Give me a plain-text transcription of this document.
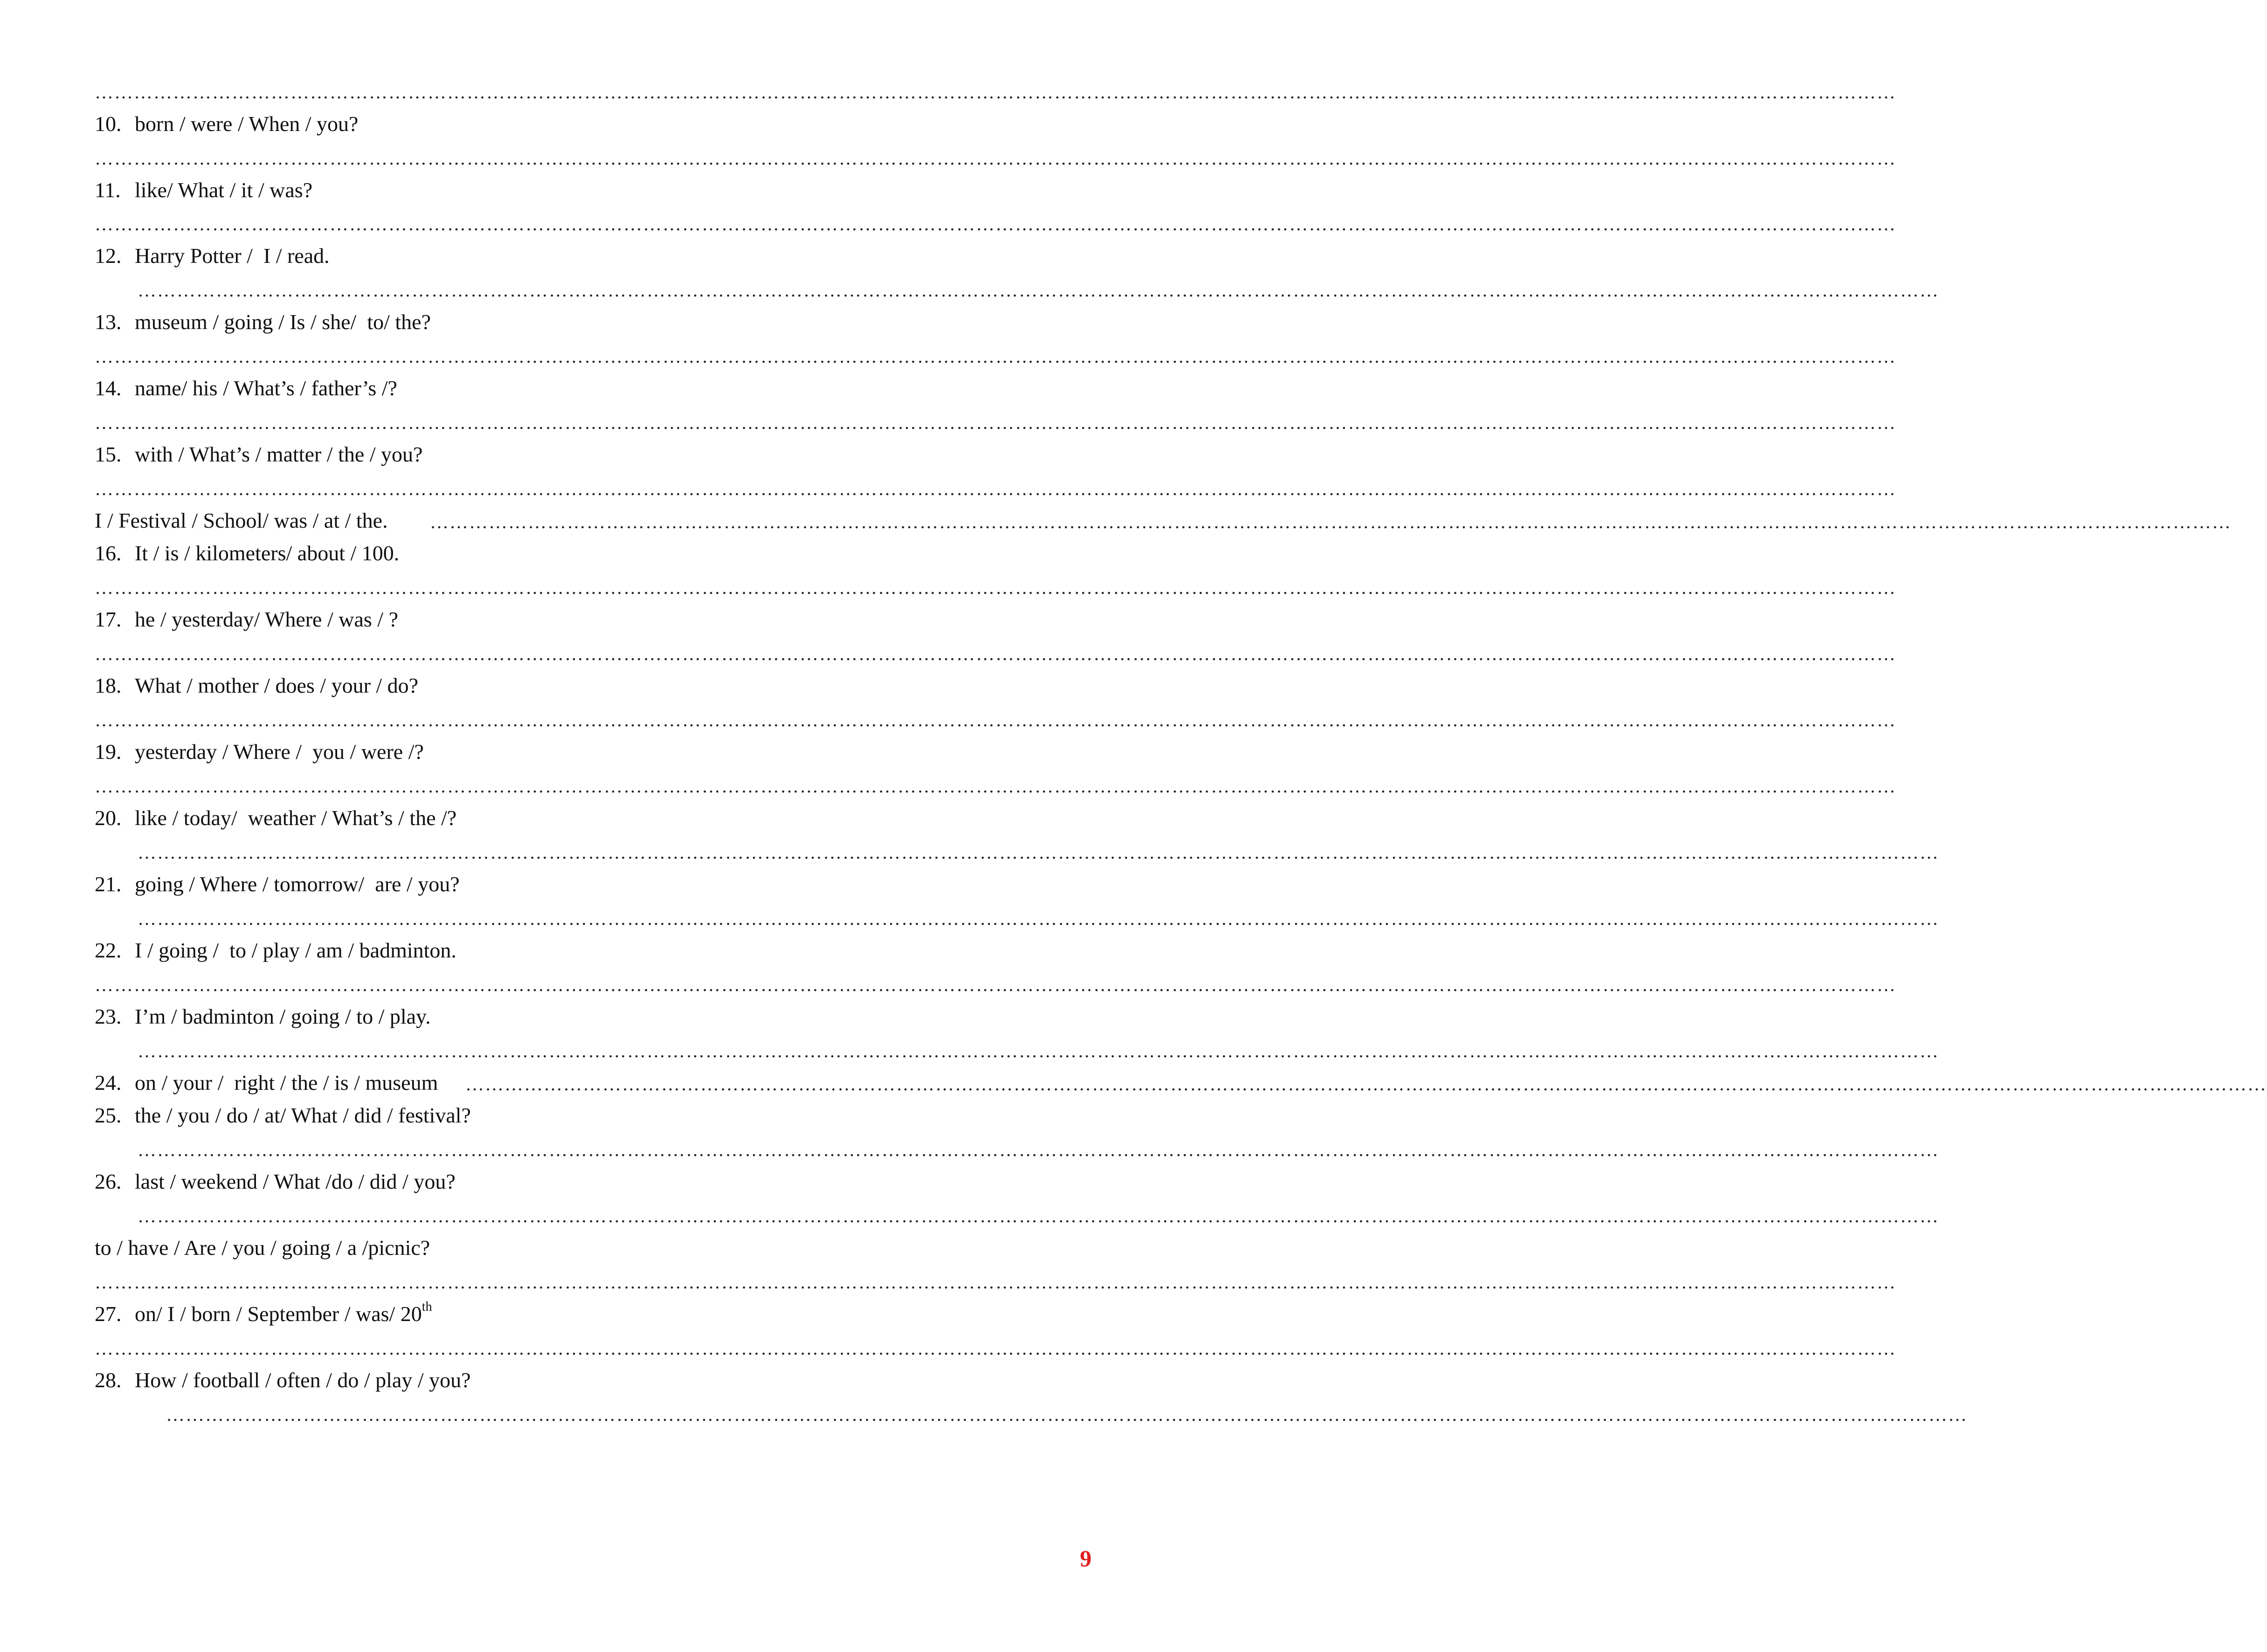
……………………………………………………………………………………………………………………………………………………………………………………………………………………………………………………
10. born / were / When / you?
……………………………………………………………………………………………………………………………………………………………………………………………………………………………………………………
11. like/ What / it / was?
……………………………………………………………………………………………………………………………………………………………………………………………………………………………………………………
12. Harry Potter /  I / read.
……………………………………………………………………………………………………………………………………………………………………………………………………………………………………………………
13. museum / going / Is / she/  to/ the?
……………………………………………………………………………………………………………………………………………………………………………………………………………………………………………………
14. name/ his / What’s / father’s /?
……………………………………………………………………………………………………………………………………………………………………………………………………………………………………………………
15. with / What’s / matter / the / you?
……………………………………………………………………………………………………………………………………………………………………………………………………………………………………………………
I / Festival / School/ was / at / the. ……………………………………………………………………………………………………………………………………………………………………………………………………………………………………………………
16. It / is / kilometers/ about / 100.
……………………………………………………………………………………………………………………………………………………………………………………………………………………………………………………
17. he / yesterday/ Where / was / ?
……………………………………………………………………………………………………………………………………………………………………………………………………………………………………………………
18. What / mother / does / your / do?
……………………………………………………………………………………………………………………………………………………………………………………………………………………………………………………
19. yesterday / Where /  you / were /?
……………………………………………………………………………………………………………………………………………………………………………………………………………………………………………………
20. like / today/  weather / What’s / the /?
……………………………………………………………………………………………………………………………………………………………………………………………………………………………………………………
21. going / Where / tomorrow/  are / you?
……………………………………………………………………………………………………………………………………………………………………………………………………………………………………………………
22. I / going /  to / play / am / badminton.
……………………………………………………………………………………………………………………………………………………………………………………………………………………………………………………
23. I’m / badminton / going / to / play.
……………………………………………………………………………………………………………………………………………………………………………………………………………………………………………………
24. on / your /  right / the / is / museum ……………………………………………………………………………………………………………………………………………………………………………………………………………………………………………………
25. the / you / do / at/ What / did / festival?
……………………………………………………………………………………………………………………………………………………………………………………………………………………………………………………
26. last / weekend / What /do / did / you?
……………………………………………………………………………………………………………………………………………………………………………………………………………………………………………………
to / have / Are / you / going / a /picnic?
……………………………………………………………………………………………………………………………………………………………………………………………………………………………………………………
27. on/ I / born / September / was/ 20th
……………………………………………………………………………………………………………………………………………………………………………………………………………………………………………………
28. How / football / often / do / play / you?
……………………………………………………………………………………………………………………………………………………………………………………………………………………………………………………
9
